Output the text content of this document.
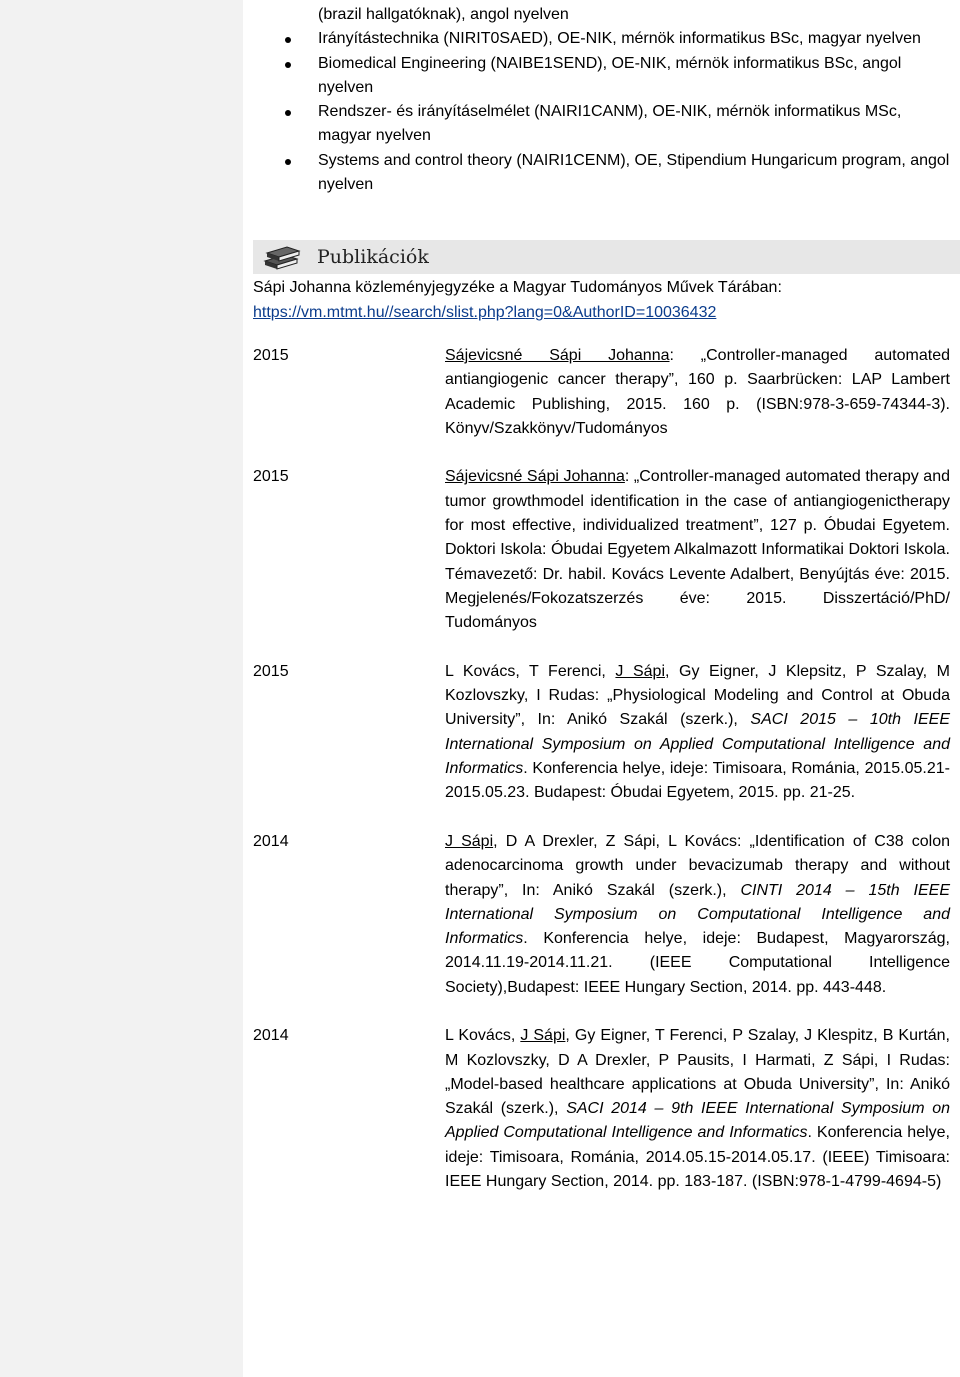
(brazil hallgatóknak), angol nyelven
Irányítástechnika (NIRIT0SAED), OE-NIK, mérnök informatikus BSc, magyar nyelven
Biomedical Engineering (NAIBE1SEND), OE-NIK, mérnök informatikus BSc, angol nyelven
Rendszer- és irányításelmélet (NAIRI1CANM), OE-NIK, mérnök informatikus MSc, magyar nyelven
Systems and control theory (NAIRI1CENM), OE, Stipendium Hungaricum program, angol nyelven
Publikációk
Sápi Johanna közleményjegyzéke a Magyar Tudományos Művek Tárában:
https://vm.mtmt.hu//search/slist.php?lang=0&AuthorID=10036432
2015	Sájevicsné Sápi Johanna: „Controller-managed automated antiangiogenic cancer therapy”, 160 p. Saarbrücken: LAP Lambert Academic Publishing, 2015. 160 p. (ISBN:978-3-659-74344-3). Könyv/Szakkönyv/Tudományos
2015	Sájevicsné Sápi Johanna: „Controller-managed automated therapy and tumor growthmodel identification in the case of antiangiogenictherapy for most effective, individualized treatment”, 127 p. Óbudai Egyetem. Doktori Iskola: Óbudai Egyetem Alkalmazott Informatikai Doktori Iskola. Témavezető: Dr. habil. Kovács Levente Adalbert, Benyújtás éve: 2015. Megjelenés/Fokozatszerzés éve: 2015. Disszertáció/PhD/ Tudományos
2015	L Kovács, T Ferenci, J Sápi, Gy Eigner, J Klepsitz, P Szalay, M Kozlovszky, I Rudas: „Physiological Modeling and Control at Obuda University”, In: Anikó Szakál (szerk.), SACI 2015 – 10th IEEE International Symposium on Applied Computational Intelligence and Informatics. Konferencia helye, ideje: Timisoara, Románia, 2015.05.21-2015.05.23. Budapest: Óbudai Egyetem, 2015. pp. 21-25.
2014	J Sápi, D A Drexler, Z Sápi, L Kovács: „Identification of C38 colon adenocarcinoma growth under bevacizumab therapy and without therapy”, In: Anikó Szakál (szerk.), CINTI 2014 – 15th IEEE International Symposium on Computational Intelligence and Informatics. Konferencia helye, ideje: Budapest, Magyarország, 2014.11.19-2014.11.21. (IEEE Computational Intelligence Society),Budapest: IEEE Hungary Section, 2014. pp. 443-448.
2014	L Kovács, J Sápi, Gy Eigner, T Ferenci, P Szalay, J Klespitz, B Kurtán, M Kozlovszky, D A Drexler, P Pausits, I Harmati, Z Sápi, I Rudas: „Model-based healthcare applications at Obuda University”, In: Anikó Szakál (szerk.), SACI 2014 – 9th IEEE International Symposium on Applied Computational Intelligence and Informatics. Konferencia helye, ideje: Timisoara, Románia, 2014.05.15-2014.05.17. (IEEE) Timisoara: IEEE Hungary Section, 2014. pp. 183-187. (ISBN:978-1-4799-4694-5)
